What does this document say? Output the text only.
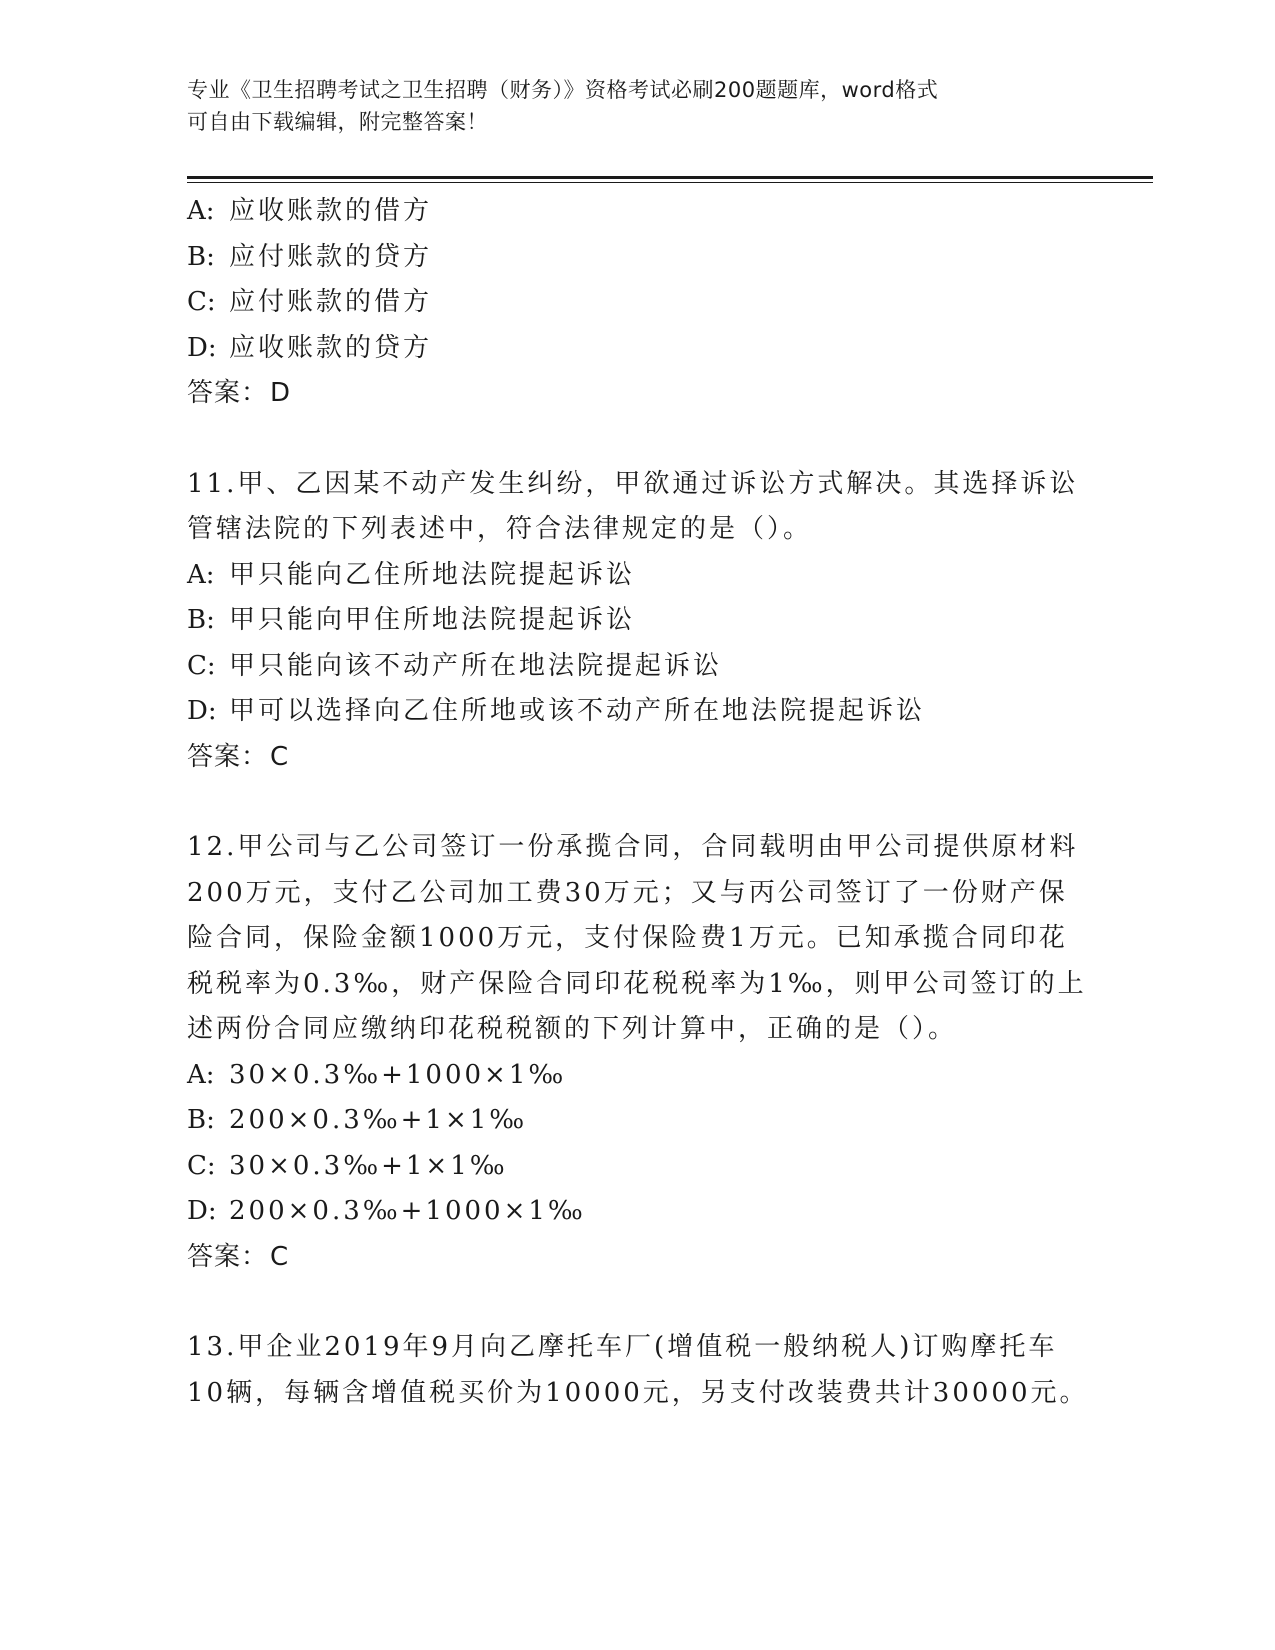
专业《卫生招聘考试之卫生招聘（财务）》资格考试必刷200题题库，word格式
可自由下载编辑，附完整答案！
A: 应收账款的借方
B: 应付账款的贷方
C: 应付账款的借方
D: 应收账款的贷方
答案：D
11.甲、乙因某不动产发生纠纷，甲欲通过诉讼方式解决。其选择诉讼
管辖法院的下列表述中，符合法律规定的是（）。
A: 甲只能向乙住所地法院提起诉讼
B: 甲只能向甲住所地法院提起诉讼
C: 甲只能向该不动产所在地法院提起诉讼
D: 甲可以选择向乙住所地或该不动产所在地法院提起诉讼
答案：C
12.甲公司与乙公司签订一份承揽合同，合同载明由甲公司提供原材料
200万元，支付乙公司加工费30万元；又与丙公司签订了一份财产保
险合同，保险金额1000万元，支付保险费1万元。已知承揽合同印花
税税率为0.3‰，财产保险合同印花税税率为1‰，则甲公司签订的上
述两份合同应缴纳印花税税额的下列计算中，正确的是（）。
A: 30×0.3‰+1000×1‰
B: 200×0.3‰+1×1‰
C: 30×0.3‰+1×1‰
D: 200×0.3‰+1000×1‰
答案：C
13.甲企业2019年9月向乙摩托车厂(增值税一般纳税人)订购摩托车
10辆，每辆含增值税买价为10000元，另支付改装费共计30000元。
